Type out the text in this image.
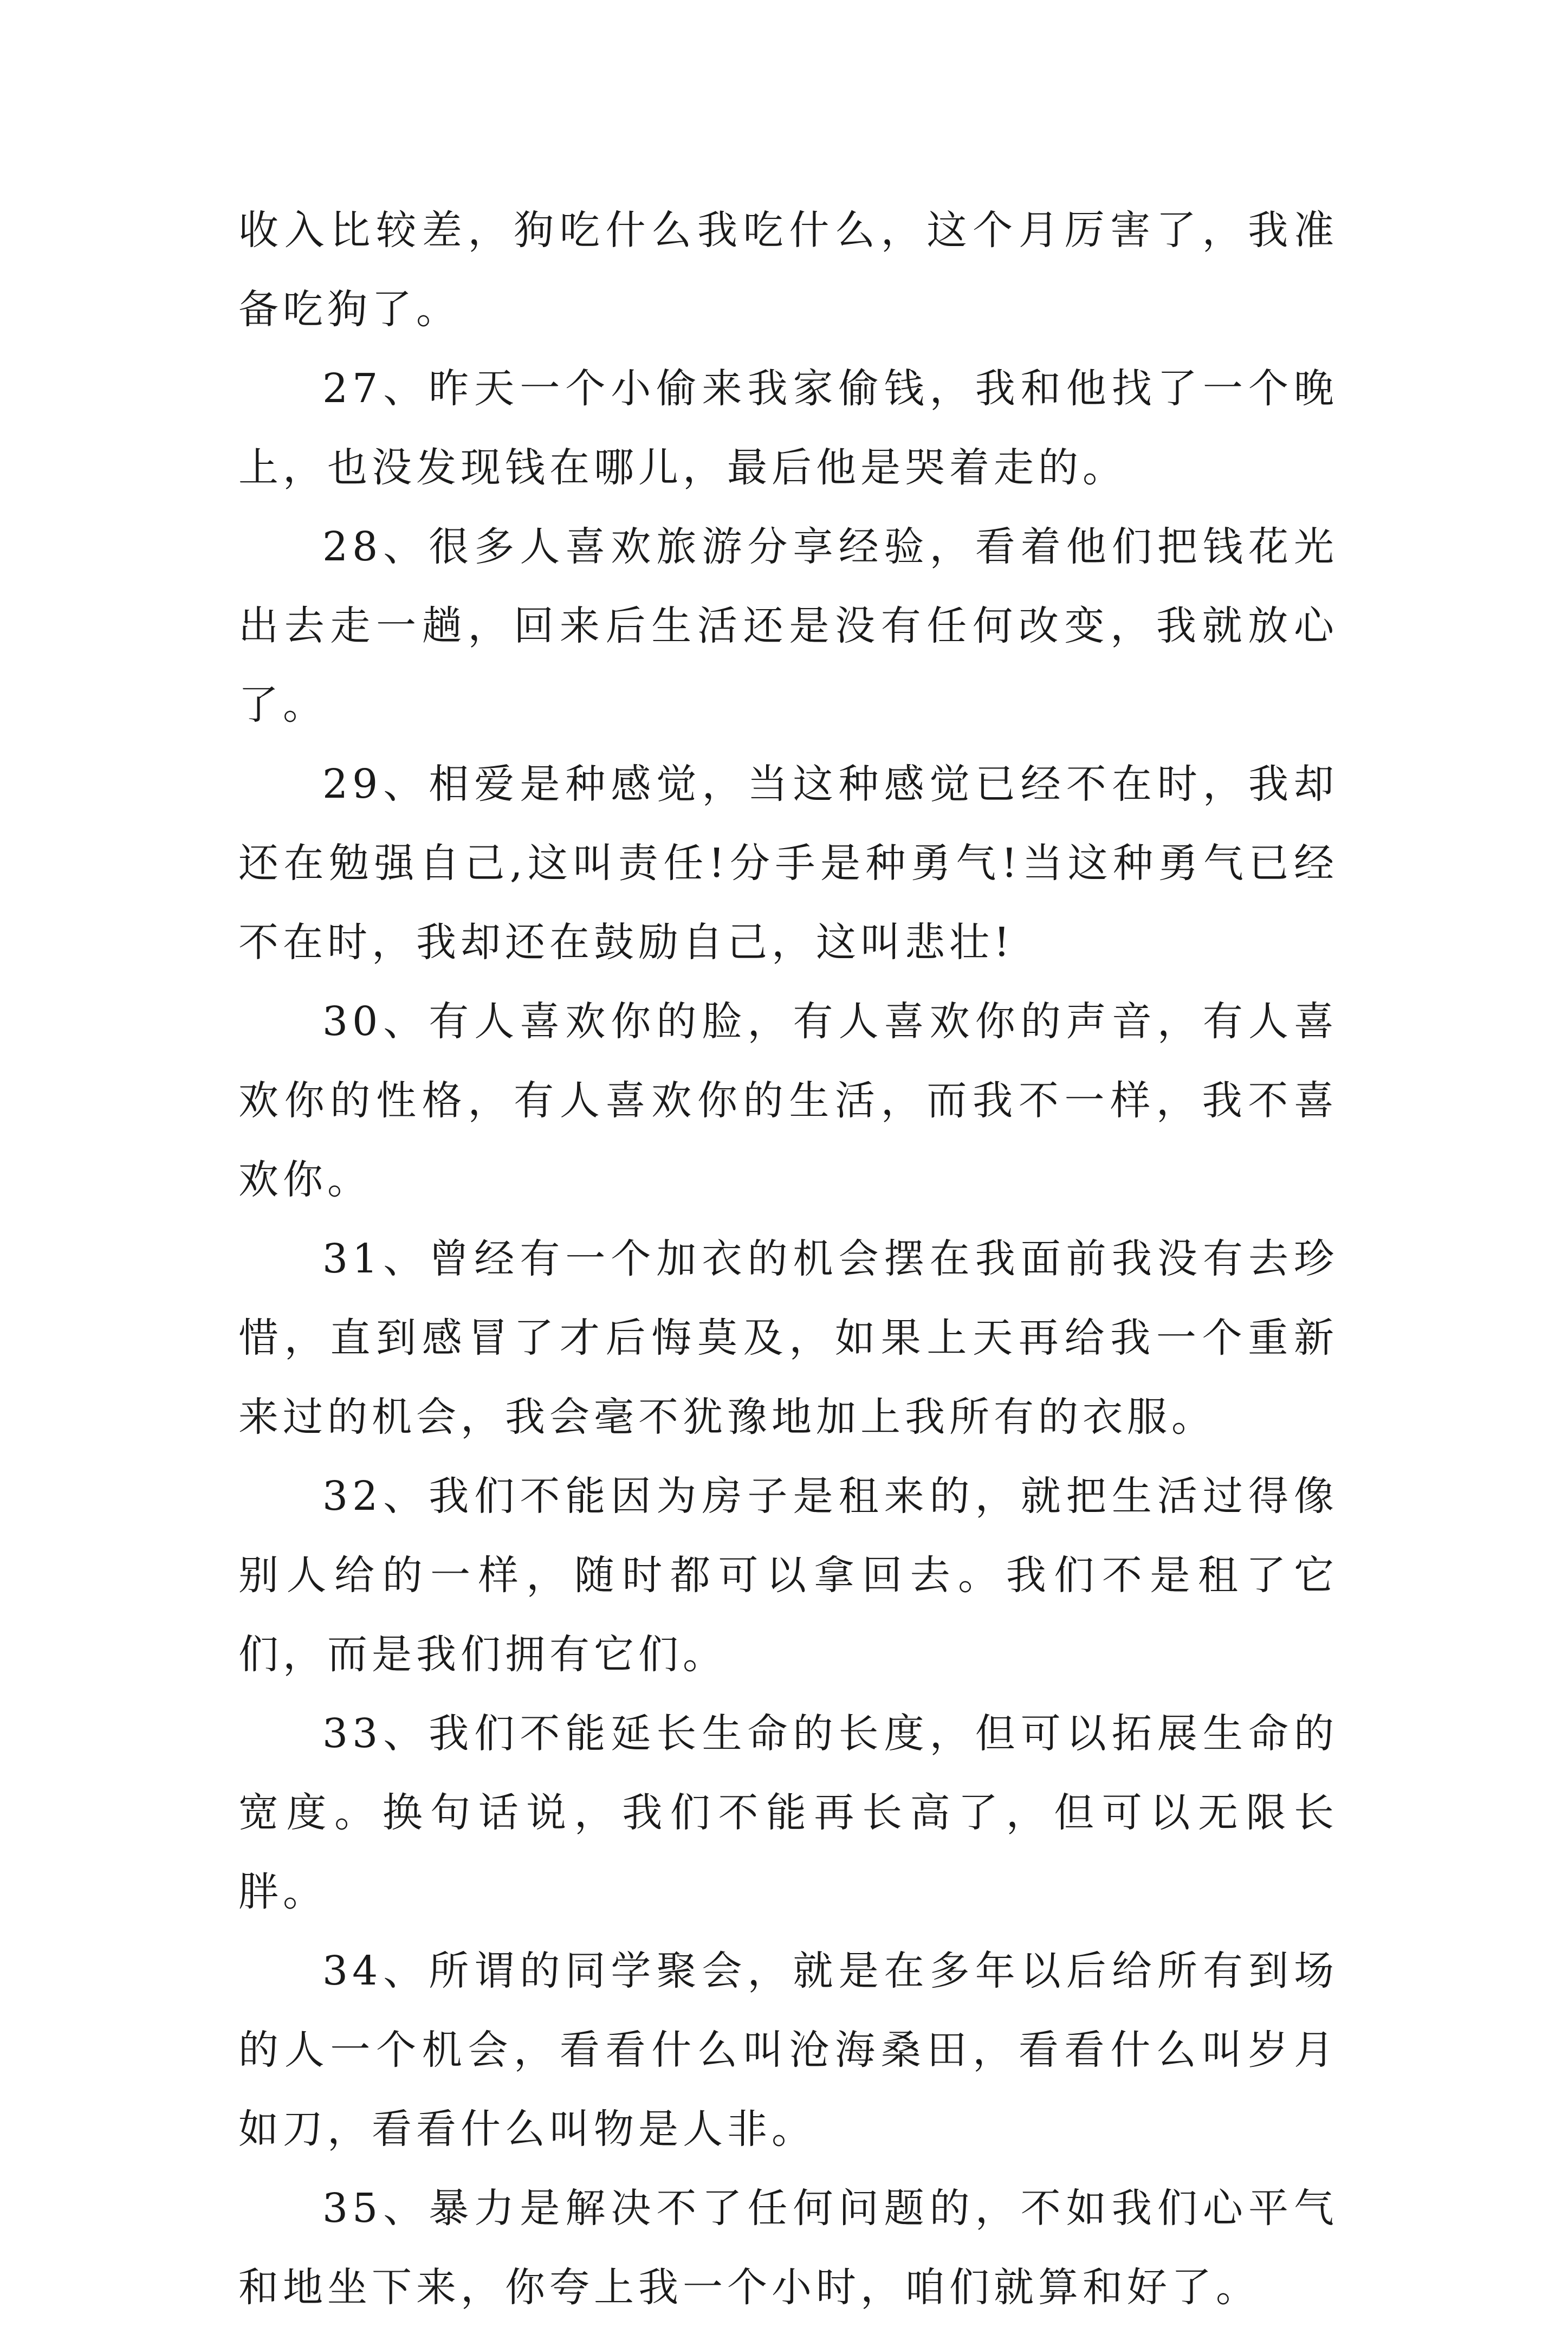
收入比较差，狗吃什么我吃什么，这个月厉害了，我准备吃狗了。

27、昨天一个小偷来我家偷钱，我和他找了一个晚上，也没发现钱在哪儿，最后他是哭着走的。

28、很多人喜欢旅游分享经验，看着他们把钱花光出去走一趟，回来后生活还是没有任何改变，我就放心了。

29、相爱是种感觉，当这种感觉已经不在时，我却还在勉强自己,这叫责任!分手是种勇气!当这种勇气已经不在时，我却还在鼓励自己，这叫悲壮!

30、有人喜欢你的脸，有人喜欢你的声音，有人喜欢你的性格，有人喜欢你的生活，而我不一样，我不喜欢你。

31、曾经有一个加衣的机会摆在我面前我没有去珍惜，直到感冒了才后悔莫及，如果上天再给我一个重新来过的机会，我会毫不犹豫地加上我所有的衣服。

32、我们不能因为房子是租来的，就把生活过得像别人给的一样，随时都可以拿回去。我们不是租了它们，而是我们拥有它们。

33、我们不能延长生命的长度，但可以拓展生命的宽度。换句话说，我们不能再长高了，但可以无限长胖。

34、所谓的同学聚会，就是在多年以后给所有到场的人一个机会，看看什么叫沧海桑田，看看什么叫岁月如刀，看看什么叫物是人非。

35、暴力是解决不了任何问题的，不如我们心平气和地坐下来，你夸上我一个小时，咱们就算和好了。
